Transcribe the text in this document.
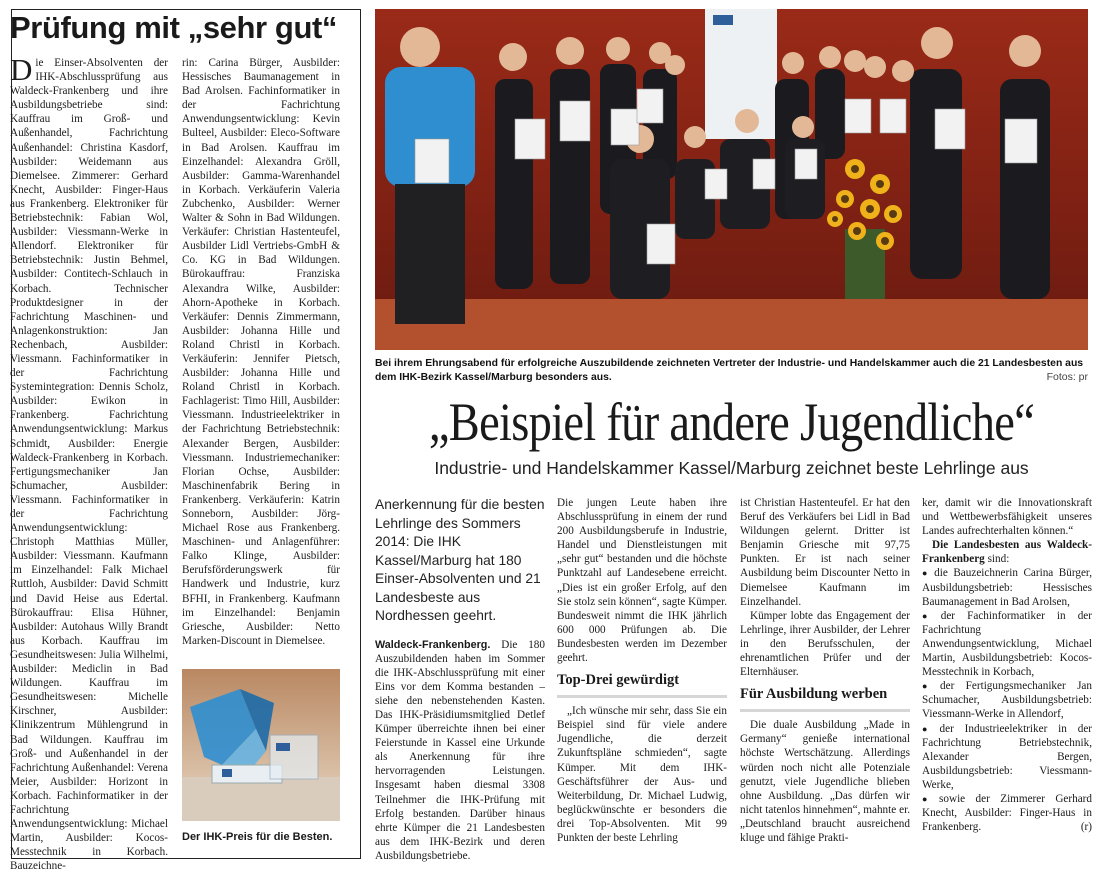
Prüfung mit „sehr gut“
Die Einser-Absolventen der IHK-Abschlussprüfung aus Waldeck-Frankenberg und ihre Ausbildungsbetriebe sind: Kauffrau im Groß- und Außenhandel, Fachrichtung Außenhandel: Christina Kasdorf, Ausbilder: Weidemann aus Diemelsee. Zimmerer: Gerhard Knecht, Ausbilder: Finger-Haus aus Frankenberg. Elektroniker für Betriebstechnik: Fabian Wol, Ausbilder: Viessmann-Werke in Allendorf. Elektroniker für Betriebstechnik: Justin Behmel, Ausbilder: Contitech-Schlauch in Korbach. Technischer Produktdesigner in der Fachrichtung Maschinen- und Anlagenkonstruktion: Jan Rechenbach, Ausbilder: Viessmann. Fachinformatiker in der Fachrichtung Systemintegration: Dennis Scholz, Ausbilder: Ewikon in Frankenberg. Fachrichtung Anwendungsentwicklung: Markus Schmidt, Ausbilder: Energie Waldeck-Frankenberg in Korbach. Fertigungsmechaniker Jan Schumacher, Ausbilder: Viessmann. Fachinformatiker in der Fachrichtung Anwendungsentwicklung: Christoph Matthias Müller, Ausbilder: Viessmann. Kaufmann im Einzelhandel: Falk Michael Ruttloh, Ausbilder: David Schmitt und David Heise aus Edertal. Bürokauffrau: Elisa Hühner, Ausbilder: Autohaus Willy Brandt aus Korbach. Kauffrau im Gesundheitswesen: Julia Wilhelmi, Ausbilder: Mediclin in Bad Wildungen. Kauffrau im Gesundheitswesen: Michelle Kirschner, Ausbilder: Klinikzentrum Mühlengrund in Bad Wildungen. Kauffrau im Groß- und Außenhandel in der Fachrichtung Außenhandel: Verena Meier, Ausbilder: Horizont in Korbach. Fachinformatiker in der Fachrichtung Anwendungsentwicklung: Michael Martin, Ausbilder: Kocos-Messtechnik in Korbach. Bauzeichne-
rin: Carina Bürger, Ausbilder: Hessisches Baumanagement in Bad Arolsen. Fachinformatiker in der Fachrichtung Anwendungsentwicklung: Kevin Bulteel, Ausbilder: Eleco-Software in Bad Arolsen. Kauffrau im Einzelhandel: Alexandra Gröll, Ausbilder: Gamma-Warenhandel in Korbach. Verkäuferin Valeria Zubchenko, Ausbilder: Werner Walter & Sohn in Bad Wildungen. Verkäufer: Christian Hastenteufel, Ausbilder Lidl Vertriebs-GmbH & Co. KG in Bad Wildungen. Bürokauffrau: Franziska Alexandra Wilke, Ausbilder: Ahorn-Apotheke in Korbach. Verkäufer: Dennis Zimmermann, Ausbilder: Johanna Hille und Roland Christl in Korbach. Verkäuferin: Jennifer Pietsch, Ausbilder: Johanna Hille und Roland Christl in Korbach. Fachlagerist: Timo Hill, Ausbilder: Viessmann. Industrieelektriker in der Fachrichtung Betriebstechnik: Alexander Bergen, Ausbilder: Viessmann. Industriemechaniker: Florian Ochse, Ausbilder: Maschinenfabrik Bering in Frankenberg. Verkäuferin: Katrin Sonneborn, Ausbilder: Jörg-Michael Rose aus Frankenberg. Maschinen- und Anlagenführer: Falko Klinge, Ausbilder: Berufsförderungswerk für Handwerk und Industrie, kurz BFHI, in Frankenberg. Kaufmann im Einzelhandel: Benjamin Griesche, Ausbilder: Netto Marken-Discount in Diemelsee.
Der IHK-Preis für die Besten.
Bei ihrem Ehrungsabend für erfolgreiche Auszubildende zeichneten Vertreter der Industrie- und Handelskammer auch die 21 Landesbesten aus dem IHK-Bezirk Kassel/Marburg besonders aus.	Fotos: pr
„Beispiel für andere Jugendliche“
Industrie- und Handelskammer Kassel/Marburg zeichnet beste Lehrlinge aus

Anerkennung für die besten Lehrlinge des Sommers 2014: Die IHK Kassel/Marburg hat 180 Einser-Absolventen und 21 Landesbeste aus Nordhessen geehrt.

Waldeck-Frankenberg. Die 180 Auszubildenden haben im Sommer die IHK-Abschlussprüfung mit einer Eins vor dem Komma bestanden – siehe den nebenstehenden Kasten. Das IHK-Präsidiumsmitglied Detlef Kümper überreichte ihnen bei einer Feierstunde in Kassel eine Urkunde als Anerkennung für ihre hervorragenden Leistungen. Insgesamt haben diesmal 3308 Teilnehmer die IHK-Prüfung mit Erfolg bestanden. Darüber hinaus ehrte Kümper die 21 Landesbesten aus dem IHK-Bezirk und deren Ausbildungsbetriebe.

Die jungen Leute haben ihre Abschlussprüfung in einem der rund 200 Ausbildungsberufe in Industrie, Handel und Dienstleistungen mit „sehr gut“ bestanden und die höchste Punktzahl auf Landesebene erreicht. „Dies ist ein großer Erfolg, auf den Sie stolz sein können“, sagte Kümper. Bundesweit nimmt die IHK jährlich 600 000 Prüfungen ab. Die Bundesbesten werden im Dezember geehrt.

Top-Drei gewürdigt

„Ich wünsche mir sehr, dass Sie ein Beispiel sind für viele andere Jugendliche, die derzeit Zukunftspläne schmieden“, sagte Kümper. Mit dem IHK-Geschäftsführer der Aus- und Weiterbildung, Dr. Michael Ludwig, beglückwünschte er besonders die drei Top-Absolventen. Mit 99 Punkten der beste Lehrling

ist Christian Hastenteufel. Er hat den Beruf des Verkäufers bei Lidl in Bad Wildungen gelernt. Dritter ist Benjamin Griesche mit 97,75 Punkten. Er ist nach seiner Ausbildung beim Discounter Netto in Diemelsee Kaufmann im Einzelhandel.

Kümper lobte das Engagement der Lehrlinge, ihrer Ausbilder, der Lehrer in den Berufsschulen, der ehrenamtlichen Prüfer und der Elternhäuser.

Für Ausbildung werben

Die duale Ausbildung „Made in Germany“ genieße international höchste Wertschätzung. Allerdings würden noch nicht alle Potenziale genutzt, viele Jugendliche blieben ohne Ausbildung. „Das dürfen wir nicht tatenlos hinnehmen“, mahnte er. „Deutschland braucht ausreichend kluge und fähige Prakti-

ker, damit wir die Innovationskraft und Wettbewerbsfähigkeit unseres Landes aufrechterhalten können.“

Die Landesbesten aus Waldeck-Frankenberg sind:

● die Bauzeichnerin Carina Bürger, Ausbildungsbetrieb: Hessisches Baumanagement in Bad Arolsen,

● der Fachinformatiker in der Fachrichtung Anwendungsentwicklung, Michael Martin, Ausbildungsbetrieb: Kocos-Messtechnik in Korbach,

● der Fertigungsmechaniker Jan Schumacher, Ausbildungsbetrieb: Viessmann-Werke in Allendorf,

● der Industrieelektriker in der Fachrichtung Betriebstechnik, Alexander Bergen, Ausbildungsbetrieb: Viessmann-Werke,

● sowie der Zimmerer Gerhard Knecht, Ausbilder: Finger-Haus in Frankenberg.	(r)
